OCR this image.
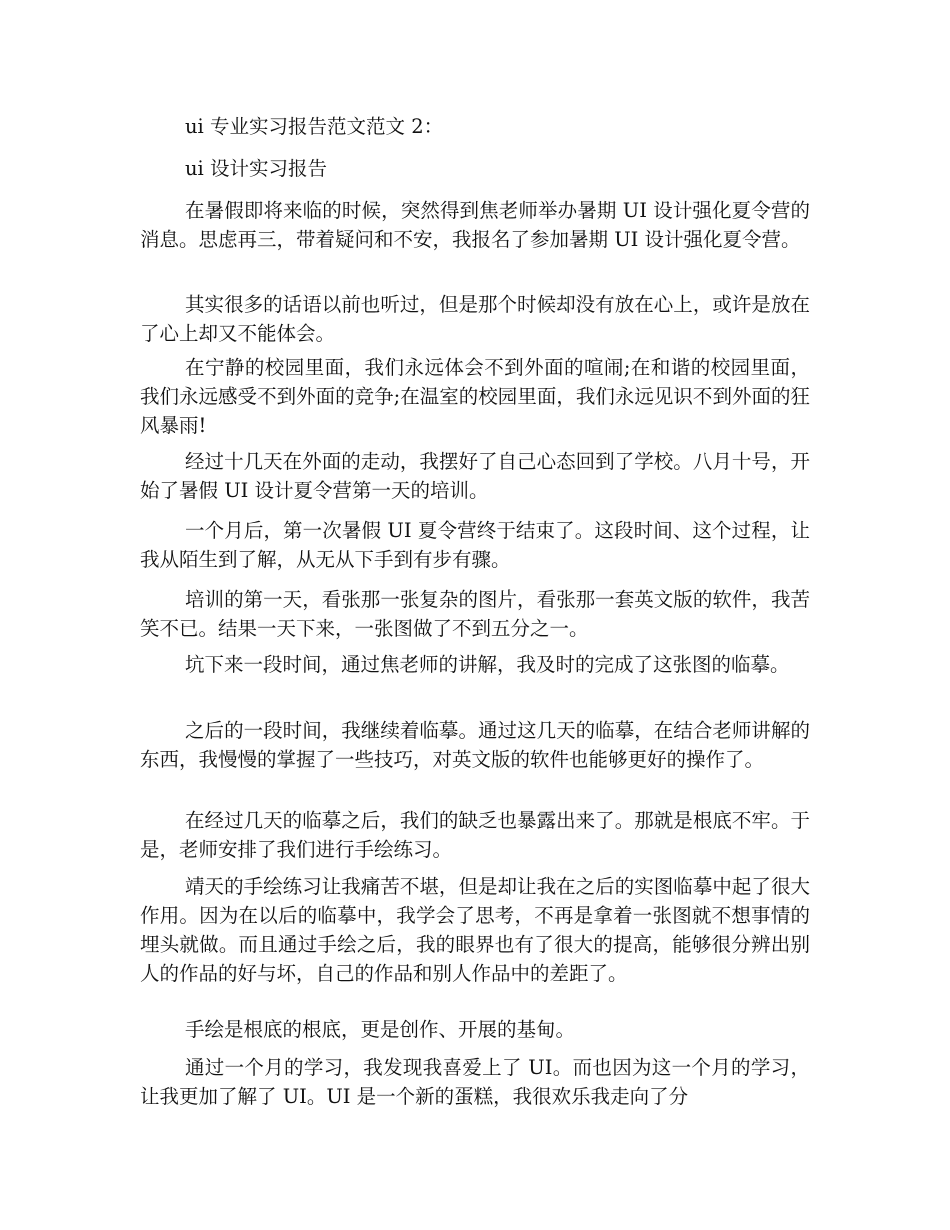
ui 专业实习报告范文范文 2：

ui 设计实习报告

在暑假即将来临的时候，突然得到焦老师举办暑期 UI 设计强化夏令营的消息。思虑再三，带着疑问和不安，我报名了参加暑期 UI 设计强化夏令营。

其实很多的话语以前也听过，但是那个时候却没有放在心上，或许是放在了心上却又不能体会。

在宁静的校园里面，我们永远体会不到外面的喧闹;在和谐的校园里面，我们永远感受不到外面的竞争;在温室的校园里面，我们永远见识不到外面的狂风暴雨!

经过十几天在外面的走动，我摆好了自己心态回到了学校。八月十号，开始了暑假 UI 设计夏令营第一天的培训。

一个月后，第一次暑假 UI 夏令营终于结束了。这段时间、这个过程，让我从陌生到了解，从无从下手到有步有骤。

培训的第一天，看张那一张复杂的图片，看张那一套英文版的软件，我苦笑不已。结果一天下来，一张图做了不到五分之一。

坑下来一段时间，通过焦老师的讲解，我及时的完成了这张图的临摹。

之后的一段时间，我继续着临摹。通过这几天的临摹，在结合老师讲解的东西，我慢慢的掌握了一些技巧，对英文版的软件也能够更好的操作了。

在经过几天的临摹之后，我们的缺乏也暴露出来了。那就是根底不牢。于是，老师安排了我们进行手绘练习。

靖天的手绘练习让我痛苦不堪，但是却让我在之后的实图临摹中起了很大作用。因为在以后的临摹中，我学会了思考，不再是拿着一张图就不想事情的埋头就做。而且通过手绘之后，我的眼界也有了很大的提高，能够很分辨出别人的作品的好与坏，自己的作品和别人作品中的差距了。

手绘是根底的根底，更是创作、开展的基甸。

通过一个月的学习，我发现我喜爱上了 UI。而也因为这一个月的学习，让我更加了解了 UI。UI 是一个新的蛋糕，我很欢乐我走向了分
